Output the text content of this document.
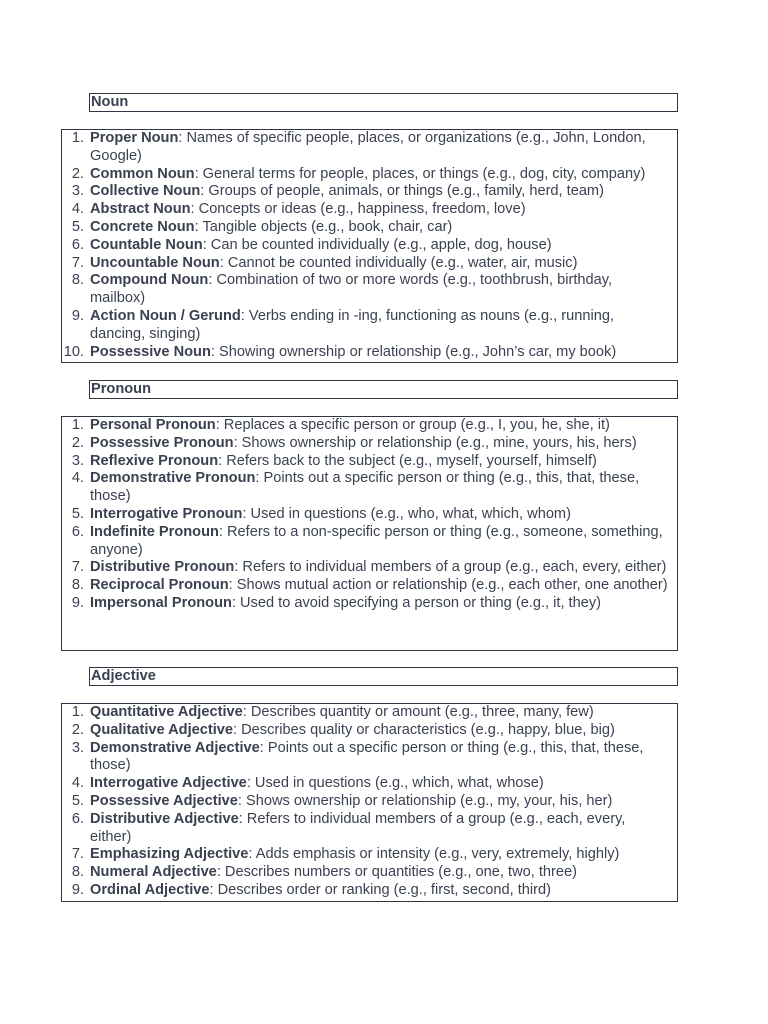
Noun
1. Proper Noun: Names of specific people, places, or organizations (e.g., John, London, Google)
2. Common Noun: General terms for people, places, or things (e.g., dog, city, company)
3. Collective Noun: Groups of people, animals, or things (e.g., family, herd, team)
4. Abstract Noun: Concepts or ideas (e.g., happiness, freedom, love)
5. Concrete Noun: Tangible objects (e.g., book, chair, car)
6. Countable Noun: Can be counted individually (e.g., apple, dog, house)
7. Uncountable Noun: Cannot be counted individually (e.g., water, air, music)
8. Compound Noun: Combination of two or more words (e.g., toothbrush, birthday, mailbox)
9. Action Noun / Gerund: Verbs ending in -ing, functioning as nouns (e.g., running, dancing, singing)
10. Possessive Noun: Showing ownership or relationship (e.g., John’s car, my book)
Pronoun
1. Personal Pronoun: Replaces a specific person or group (e.g., I, you, he, she, it)
2. Possessive Pronoun: Shows ownership or relationship (e.g., mine, yours, his, hers)
3. Reflexive Pronoun: Refers back to the subject (e.g., myself, yourself, himself)
4. Demonstrative Pronoun: Points out a specific person or thing (e.g., this, that, these, those)
5. Interrogative Pronoun: Used in questions (e.g., who, what, which, whom)
6. Indefinite Pronoun: Refers to a non-specific person or thing (e.g., someone, something, anyone)
7. Distributive Pronoun: Refers to individual members of a group (e.g., each, every, either)
8. Reciprocal Pronoun: Shows mutual action or relationship (e.g., each other, one another)
9. Impersonal Pronoun: Used to avoid specifying a person or thing (e.g., it, they)
Adjective
1. Quantitative Adjective: Describes quantity or amount (e.g., three, many, few)
2. Qualitative Adjective: Describes quality or characteristics (e.g., happy, blue, big)
3. Demonstrative Adjective: Points out a specific person or thing (e.g., this, that, these, those)
4. Interrogative Adjective: Used in questions (e.g., which, what, whose)
5. Possessive Adjective: Shows ownership or relationship (e.g., my, your, his, her)
6. Distributive Adjective: Refers to individual members of a group (e.g., each, every, either)
7. Emphasizing Adjective: Adds emphasis or intensity (e.g., very, extremely, highly)
8. Numeral Adjective: Describes numbers or quantities (e.g., one, two, three)
9. Ordinal Adjective: Describes order or ranking (e.g., first, second, third)
